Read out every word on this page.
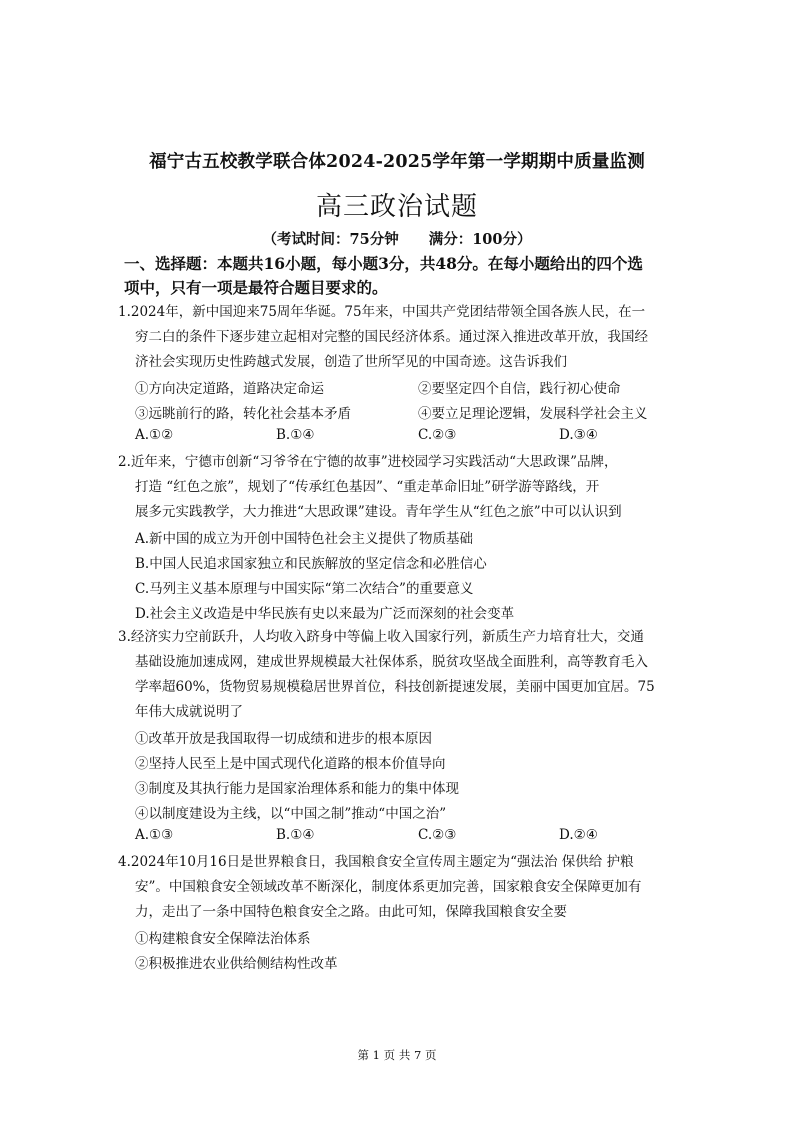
福宁古五校教学联合体2024-2025学年第一学期期中质量监测
高三政治试题
（考试时间：75分钟 满分：100分）
一、选择题：本题共16小题，每小题3分，共48分。在每小题给出的四个选
项中，只有一项是最符合题目要求的。
1.2024年，新中国迎来75周年华诞。75年来，中国共产党团结带领全国各族人民，在一
穷二白的条件下逐步建立起相对完整的国民经济体系。通过深入推进改革开放，我国经
济社会实现历史性跨越式发展，创造了世所罕见的中国奇迹。这告诉我们
①方向决定道路，道路决定命运	②要坚定四个自信，践行初心使命
③远眺前行的路，转化社会基本矛盾	④要立足理论逻辑，发展科学社会主义
A.①②	B.①④	C.②③	D.③④
2.近年来，宁德市创新“习爷爷在宁德的故事”进校园学习实践活动“大思政课”品牌，
打造 “红色之旅”，规划了“传承红色基因”、“重走革命旧址”研学游等路线，开
展多元实践教学，大力推进“大思政课”建设。青年学生从“红色之旅”中可以认识到
A.新中国的成立为开创中国特色社会主义提供了物质基础
B.中国人民追求国家独立和民族解放的坚定信念和必胜信心
C.马列主义基本原理与中国实际“第二次结合”的重要意义
D.社会主义改造是中华民族有史以来最为广泛而深刻的社会变革
3.经济实力空前跃升，人均收入跻身中等偏上收入国家行列，新质生产力培育壮大，交通
基础设施加速成网，建成世界规模最大社保体系，脱贫攻坚战全面胜利，高等教育毛入
学率超60%，货物贸易规模稳居世界首位，科技创新提速发展，美丽中国更加宜居。75
年伟大成就说明了
①改革开放是我国取得一切成绩和进步的根本原因
②坚持人民至上是中国式现代化道路的根本价值导向
③制度及其执行能力是国家治理体系和能力的集中体现
④以制度建设为主线，以“中国之制”推动“中国之治”
A.①③	B.①④	C.②③	D.②④
4.2024年10月16日是世界粮食日，我国粮食安全宣传周主题定为“强法治 保供给 护粮
安”。中国粮食安全领域改革不断深化，制度体系更加完善，国家粮食安全保障更加有
力，走出了一条中国特色粮食安全之路。由此可知，保障我国粮食安全要
①构建粮食安全保障法治体系
②积极推进农业供给侧结构性改革
第 1 页 共 7 页
